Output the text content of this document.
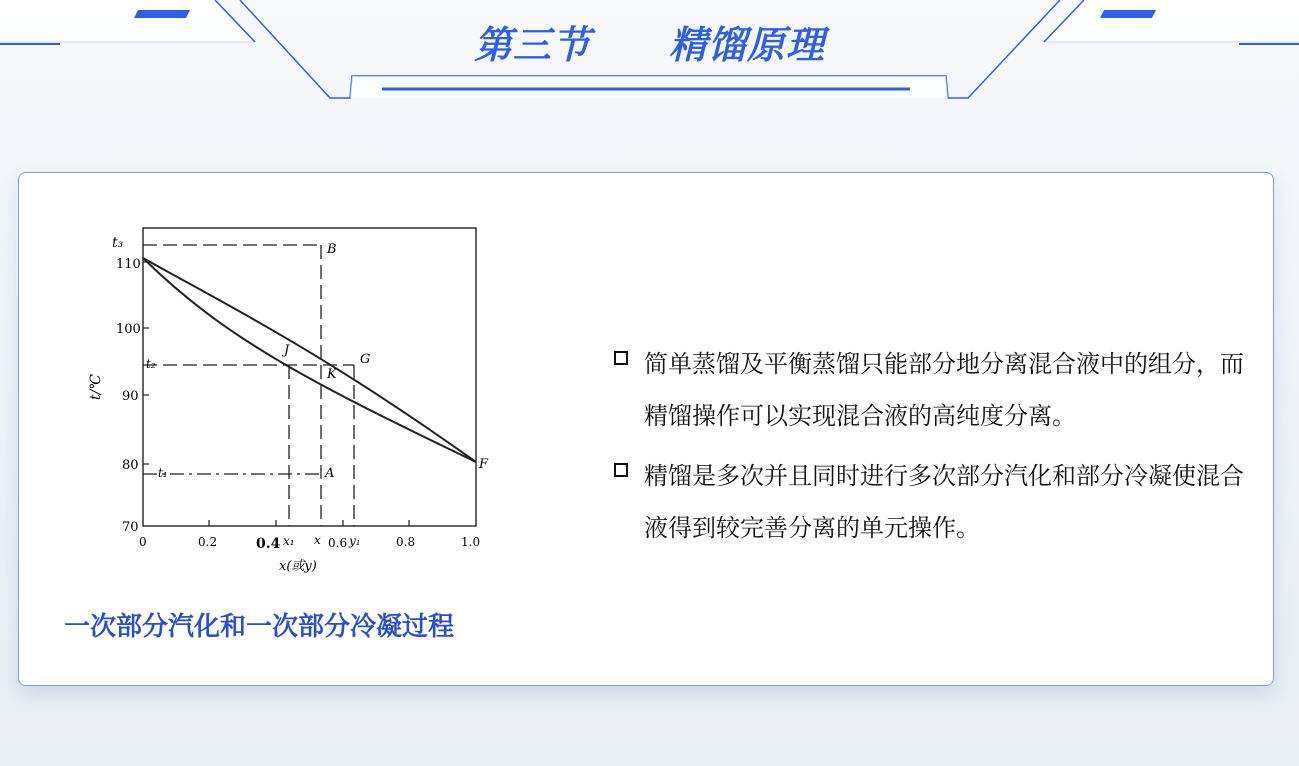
第三节　　精馏原理
110
100
90
80
70
t₃
t₂
t₁
t/℃
0	0.2	0.4 x₁ x 0.6 y₁	0.8	1.0
x(或y)
B
J
G
K
A
F
一次部分汽化和一次部分冷凝过程
简单蒸馏及平衡蒸馏只能部分地分离混合液中的组分，而精馏操作可以实现混合液的高纯度分离。
精馏是多次并且同时进行多次部分汽化和部分冷凝使混合液得到较完善分离的单元操作。
